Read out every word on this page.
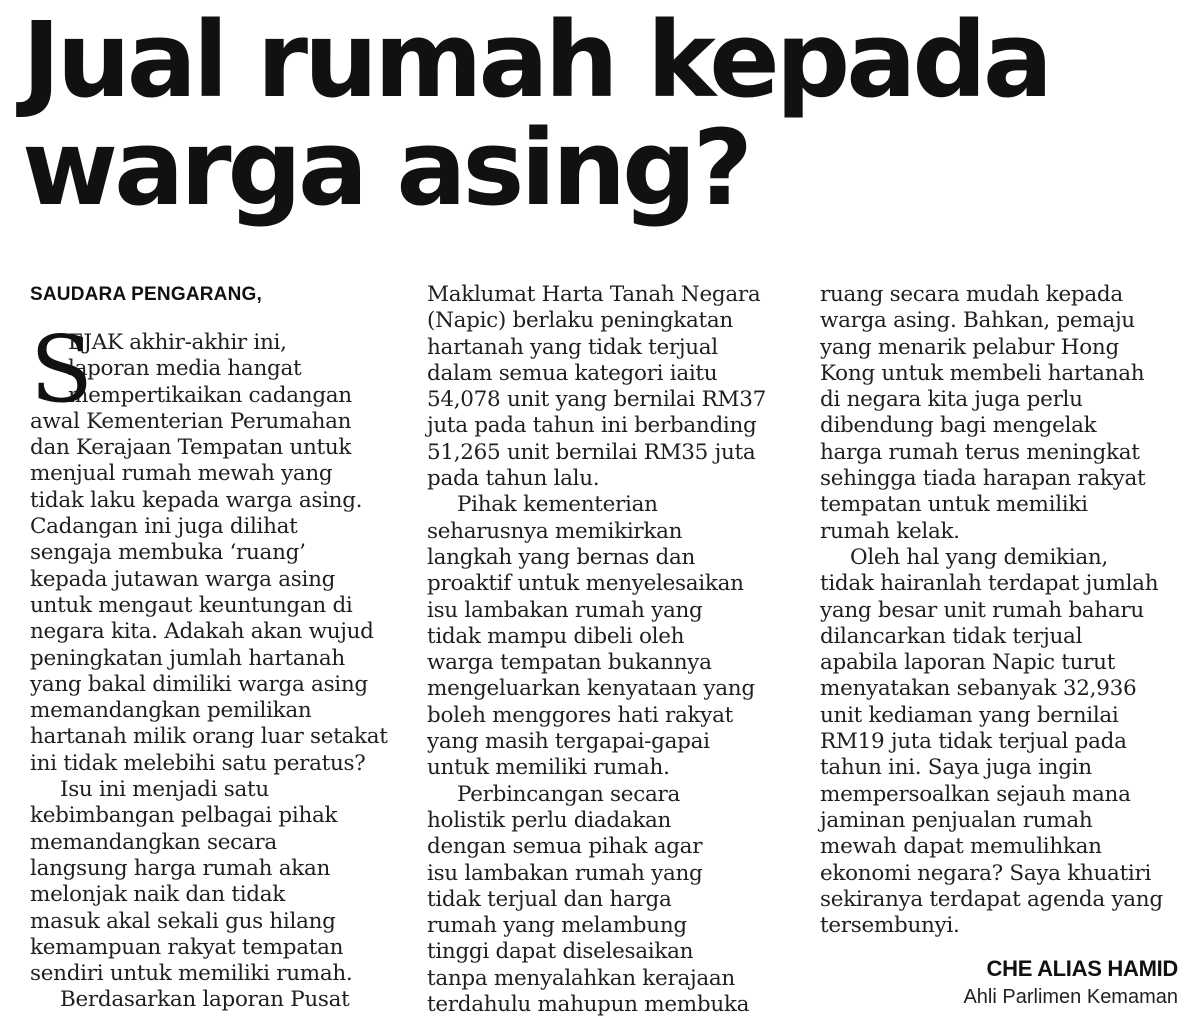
Jual rumah kepada
warga asing?
SAUDARA PENGARANG,
S
EJAK akhir-akhir ini,
laporan media hangat
mempertikaikan cadangan
awal Kementerian Perumahan
dan Kerajaan Tempatan untuk
menjual rumah mewah yang
tidak laku kepada warga asing.
Cadangan ini juga dilihat
sengaja membuka ‘ruang’
kepada jutawan warga asing
untuk mengaut keuntungan di
negara kita. Adakah akan wujud
peningkatan jumlah hartanah
yang bakal dimiliki warga asing
memandangkan pemilikan
hartanah milik orang luar setakat
ini tidak melebihi satu peratus?
Isu ini menjadi satu
kebimbangan pelbagai pihak
memandangkan secara
langsung harga rumah akan
melonjak naik dan tidak
masuk akal sekali gus hilang
kemampuan rakyat tempatan
sendiri untuk memiliki rumah.
Berdasarkan laporan Pusat
Maklumat Harta Tanah Negara
(Napic) berlaku peningkatan
hartanah yang tidak terjual
dalam semua kategori iaitu
54,078 unit yang bernilai RM37
juta pada tahun ini berbanding
51,265 unit bernilai RM35 juta
pada tahun lalu.
Pihak kementerian
seharusnya memikirkan
langkah yang bernas dan
proaktif untuk menyelesaikan
isu lambakan rumah yang
tidak mampu dibeli oleh
warga tempatan bukannya
mengeluarkan kenyataan yang
boleh menggores hati rakyat
yang masih tergapai-gapai
untuk memiliki rumah.
Perbincangan secara
holistik perlu diadakan
dengan semua pihak agar
isu lambakan rumah yang
tidak terjual dan harga
rumah yang melambung
tinggi dapat diselesaikan
tanpa menyalahkan kerajaan
terdahulu mahupun membuka
ruang secara mudah kepada
warga asing. Bahkan, pemaju
yang menarik pelabur Hong
Kong untuk membeli hartanah
di negara kita juga perlu
dibendung bagi mengelak
harga rumah terus meningkat
sehingga tiada harapan rakyat
tempatan untuk memiliki
rumah kelak.
Oleh hal yang demikian,
tidak hairanlah terdapat jumlah
yang besar unit rumah baharu
dilancarkan tidak terjual
apabila laporan Napic turut
menyatakan sebanyak 32,936
unit kediaman yang bernilai
RM19 juta tidak terjual pada
tahun ini. Saya juga ingin
mempersoalkan sejauh mana
jaminan penjualan rumah
mewah dapat memulihkan
ekonomi negara? Saya khuatiri
sekiranya terdapat agenda yang
tersembunyi.
CHE ALIAS HAMID
Ahli Parlimen Kemaman
